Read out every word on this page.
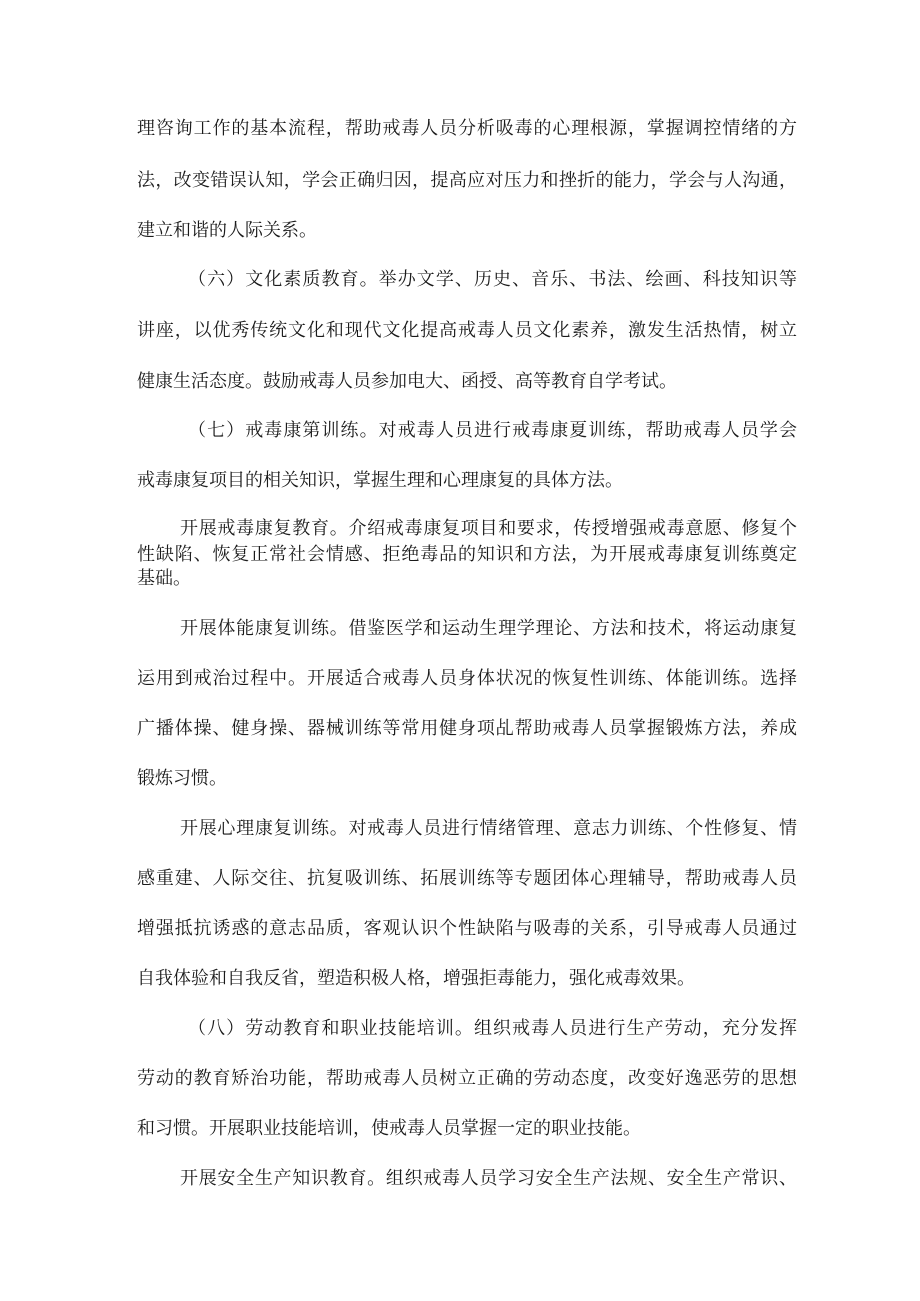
理咨询工作的基本流程，帮助戒毒人员分析吸毒的心理根源，掌握调控情绪的方
法，改变错误认知，学会正确归因，提高应对压力和挫折的能力，学会与人沟通，
建立和谐的人际关系。
（六）文化素质教育。举办文学、历史、音乐、书法、绘画、科技知识等
讲座，以优秀传统文化和现代文化提高戒毒人员文化素养，激发生活热情，树立
健康生活态度。鼓励戒毒人员参加电大、函授、高等教育自学考试。
（七）戒毒康第训练。对戒毒人员进行戒毒康夏训练，帮助戒毒人员学会
戒毒康复项目的相关知识，掌握生理和心理康复的具体方法。
开展戒毒康复教育。介绍戒毒康复项目和要求，传授增强戒毒意愿、修复个
性缺陷、恢复正常社会情感、拒绝毒品的知识和方法，为开展戒毒康复训练奠定
基础。
开展体能康复训练。借鉴医学和运动生理学理论、方法和技术，将运动康复
运用到戒治过程中。开展适合戒毒人员身体状况的恢复性训练、体能训练。选择
广播体操、健身操、器械训练等常用健身项乩帮助戒毒人员掌握锻炼方法，养成
锻炼习惯。
开展心理康复训练。对戒毒人员进行情绪管理、意志力训练、个性修复、情
感重建、人际交往、抗复吸训练、拓展训练等专题团体心理辅导，帮助戒毒人员
增强抵抗诱惑的意志品质，客观认识个性缺陷与吸毒的关系，引导戒毒人员通过
自我体验和自我反省，塑造积极人格，增强拒毒能力，强化戒毒效果。
（八）劳动教育和职业技能培训。组织戒毒人员进行生产劳动，充分发挥
劳动的教育矫治功能，帮助戒毒人员树立正确的劳动态度，改变好逸恶劳的思想
和习惯。开展职业技能培训，使戒毒人员掌握一定的职业技能。
开展安全生产知识教育。组织戒毒人员学习安全生产法规、安全生产常识、
